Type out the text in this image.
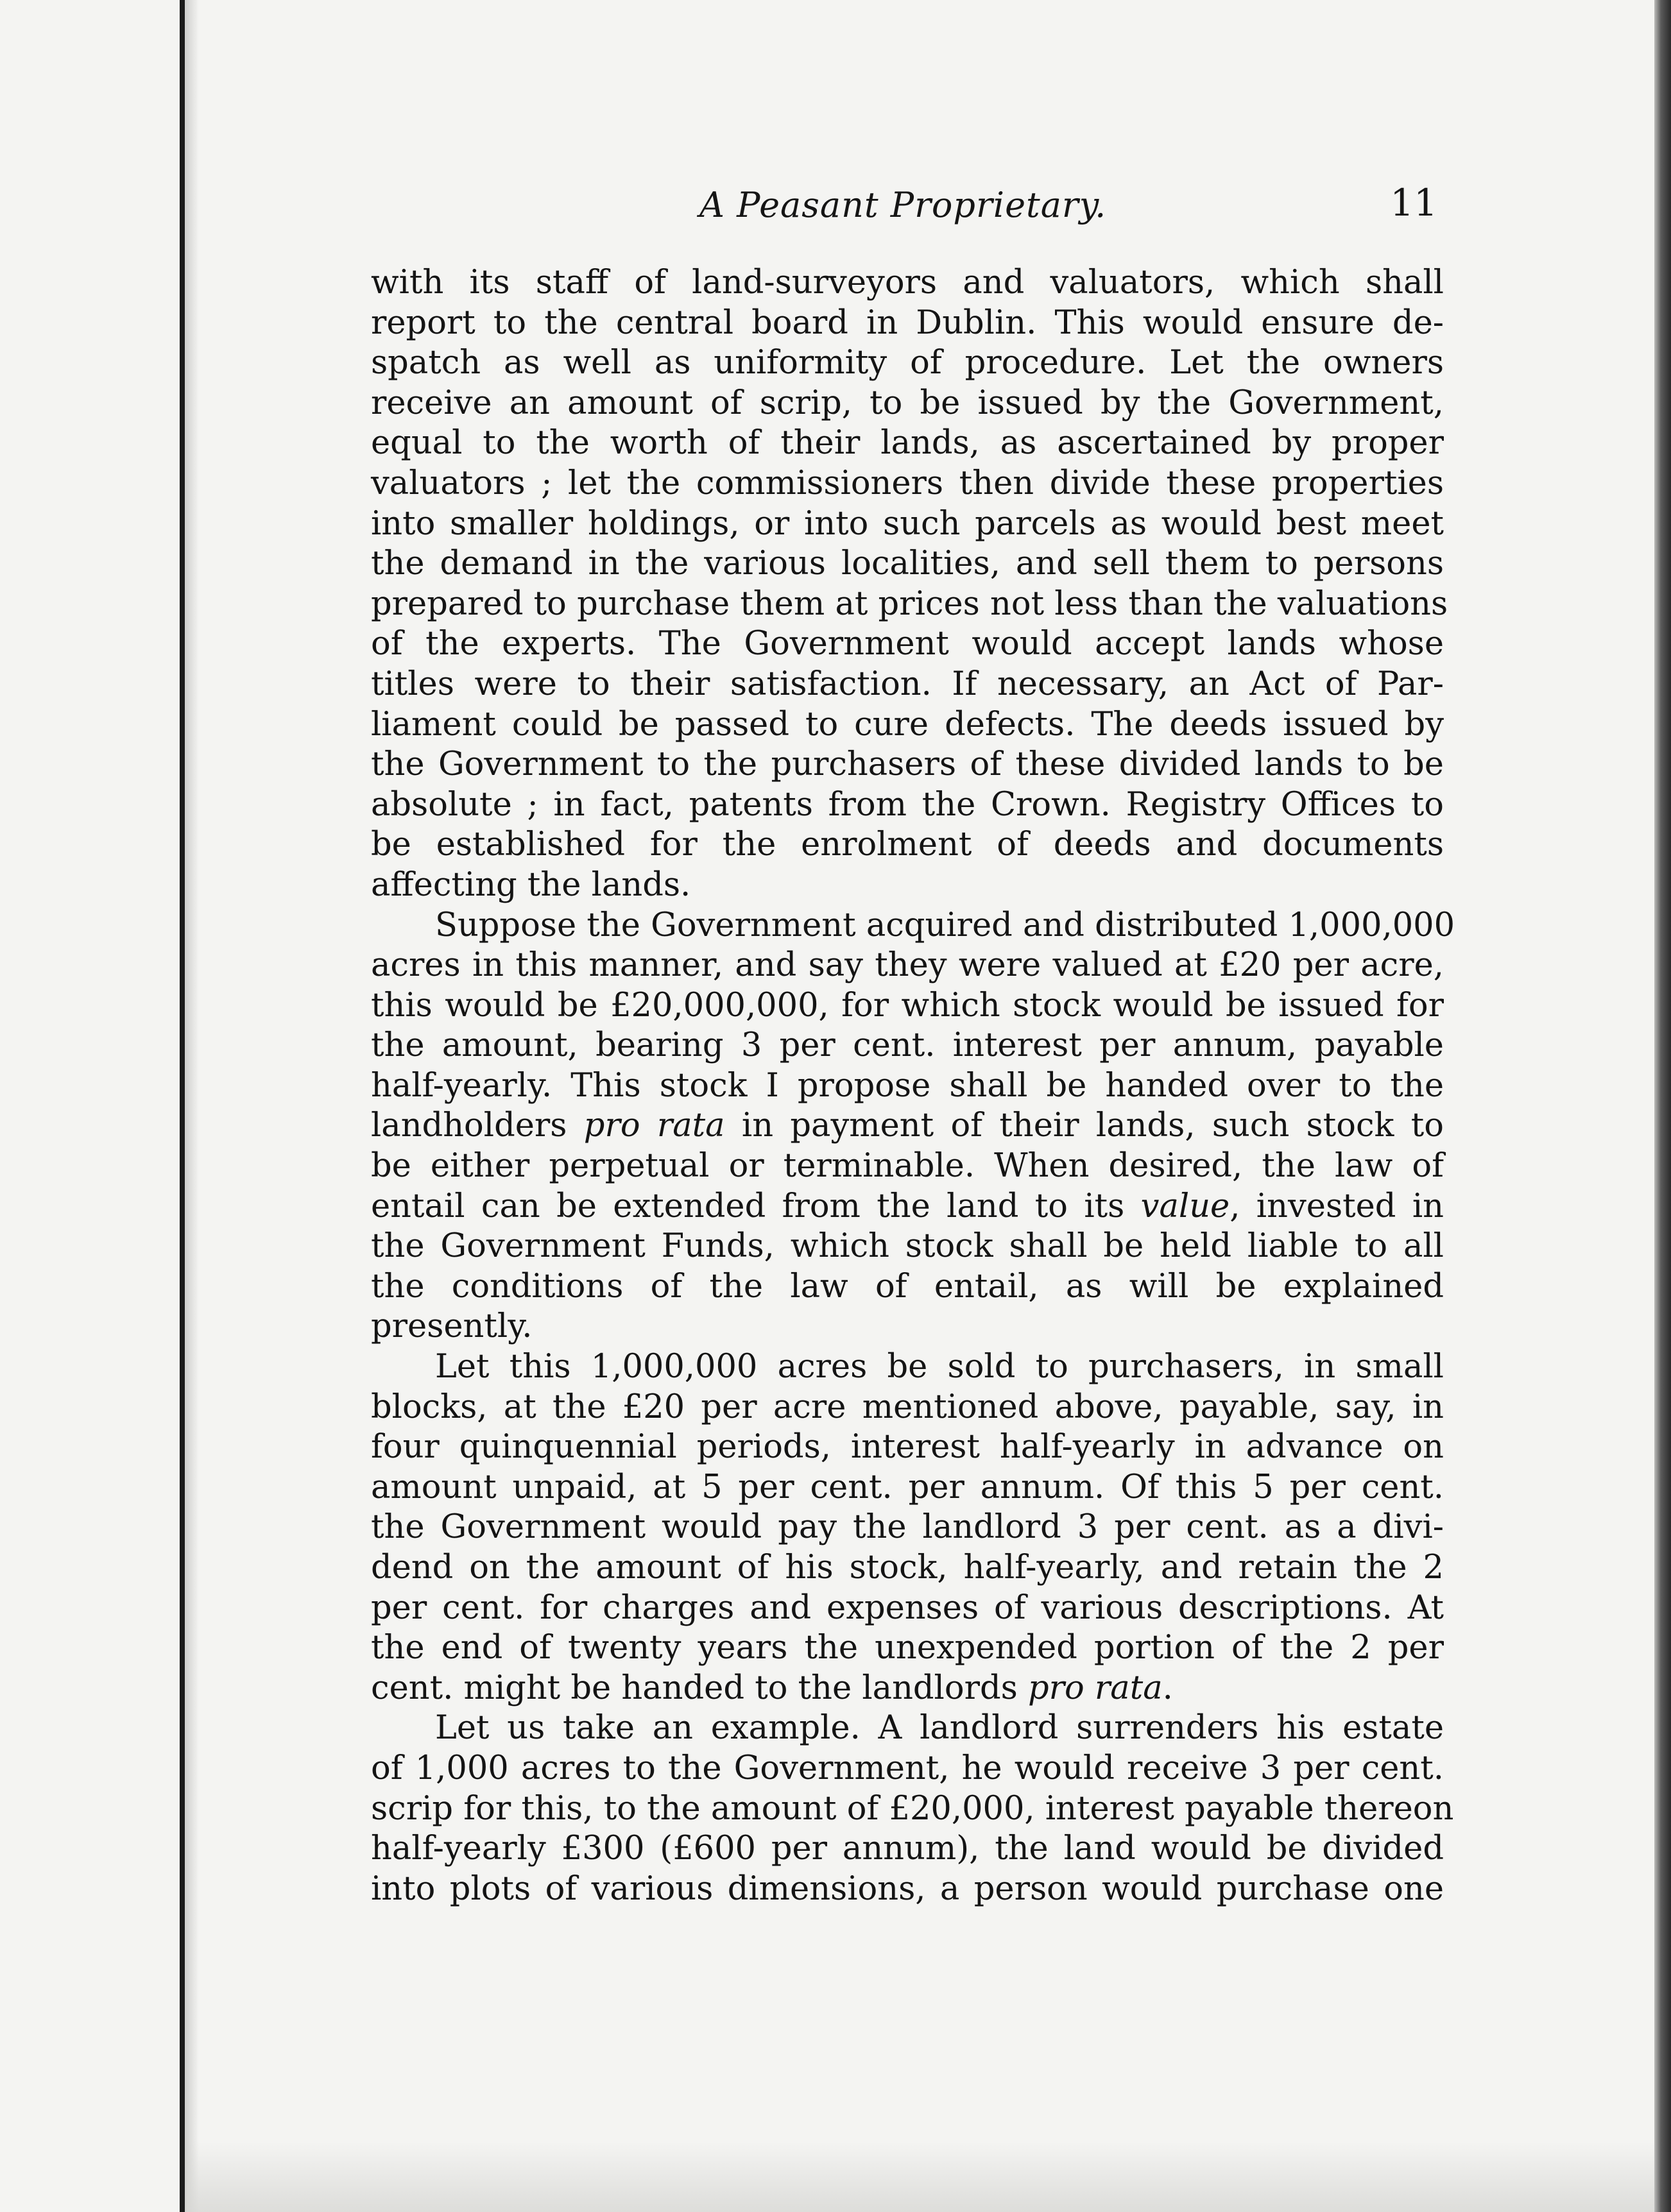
A Peasant Proprietary.	11
with its staff of land-surveyors and valuators, which shall
report to the central board in Dublin. This would ensure de-
spatch as well as uniformity of procedure. Let the owners
receive an amount of scrip, to be issued by the Government,
equal to the worth of their lands, as ascertained by proper
valuators ; let the commissioners then divide these properties
into smaller holdings, or into such parcels as would best meet
the demand in the various localities, and sell them to persons
prepared to purchase them at prices not less than the valuations
of the experts. The Government would accept lands whose
titles were to their satisfaction. If necessary, an Act of Par-
liament could be passed to cure defects. The deeds issued by
the Government to the purchasers of these divided lands to be
absolute ; in fact, patents from the Crown. Registry Offices to
be established for the enrolment of deeds and documents
affecting the lands.
Suppose the Government acquired and distributed 1,000,000
acres in this manner, and say they were valued at £20 per acre,
this would be £20,000,000, for which stock would be issued for
the amount, bearing 3 per cent. interest per annum, payable
half-yearly. This stock I propose shall be handed over to the
landholders pro rata in payment of their lands, such stock to
be either perpetual or terminable. When desired, the law of
entail can be extended from the land to its value, invested in
the Government Funds, which stock shall be held liable to all
the conditions of the law of entail, as will be explained
presently.
Let this 1,000,000 acres be sold to purchasers, in small
blocks, at the £20 per acre mentioned above, payable, say, in
four quinquennial periods, interest half-yearly in advance on
amount unpaid, at 5 per cent. per annum. Of this 5 per cent.
the Government would pay the landlord 3 per cent. as a divi-
dend on the amount of his stock, half-yearly, and retain the 2
per cent. for charges and expenses of various descriptions. At
the end of twenty years the unexpended portion of the 2 per
cent. might be handed to the landlords pro rata.
Let us take an example. A landlord surrenders his estate
of 1,000 acres to the Government, he would receive 3 per cent.
scrip for this, to the amount of £20,000, interest payable thereon
half-yearly £300 (£600 per annum), the land would be divided
into plots of various dimensions, a person would purchase one
